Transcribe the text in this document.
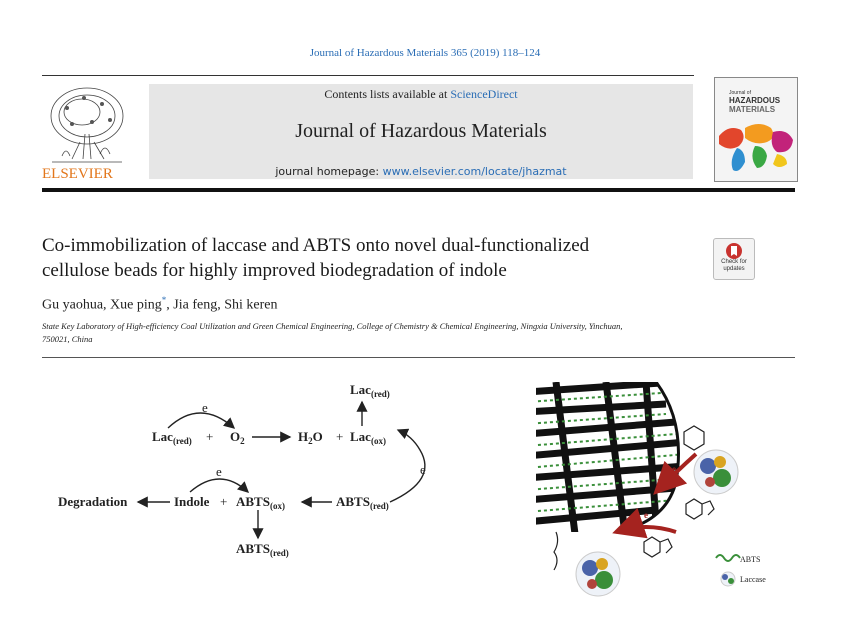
Journal of Hazardous Materials 365 (2019) 118–124
ELSEVIER
Contents lists available at ScienceDirect
Journal of Hazardous Materials
journal homepage: www.elsevier.com/locate/jhazmat
Journal of
HAZARDOUS
MATERIALS
Co-immobilization of laccase and ABTS onto novel dual-functionalized
cellulose beads for highly improved biodegradation of indole	Check for
updates
Gu yaohua, Xue ping*, Jia feng, Shi keren
State Key Laboratory of High-efficiency Coal Utilization and Green Chemical Engineering, College of Chemistry & Chemical Engineering, Ningxia University, Yinchuan,
750021, China
Lac$_{(red)}$
$Lac_{(red)} + O_2$	$H_2O + Lac_{(ox)}$
Degradation	Indole + $ABTS_{(ox)}$	$ABTS_{(red)}$
$ABTS_{(red)}$
e
e	e	e
e
ABTS
Laccase
